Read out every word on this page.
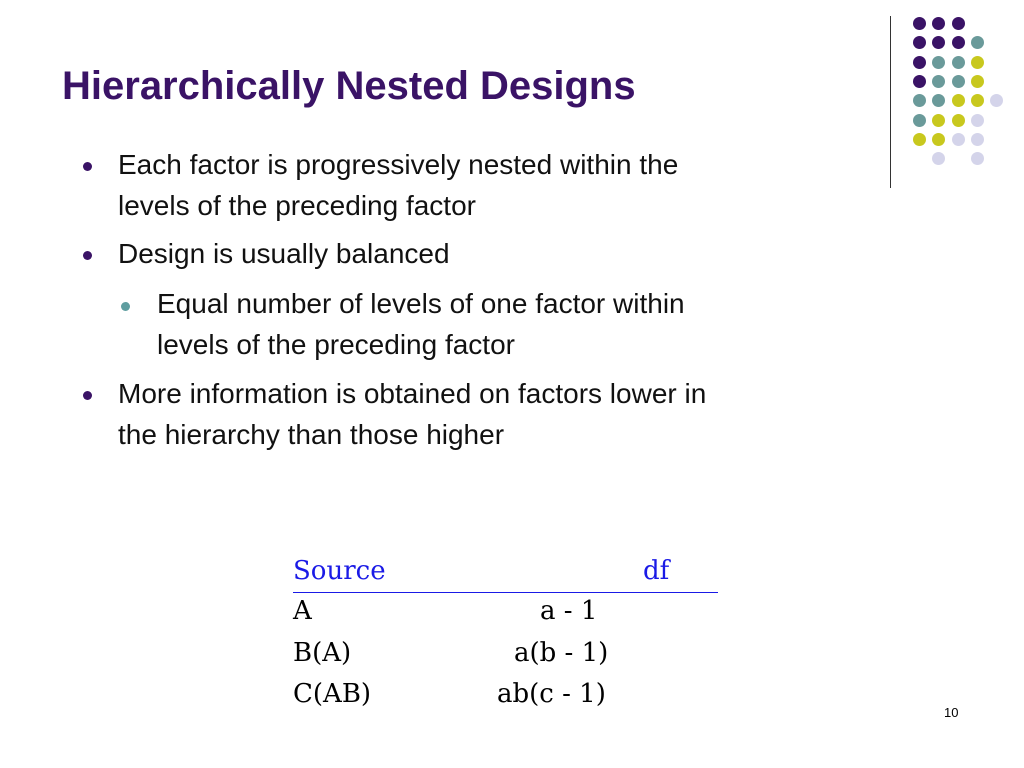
Hierarchically Nested Designs
Each factor is progressively nested within the
levels of the preceding factor
Design is usually balanced
Equal number of levels of one factor within
levels of the preceding factor
More information is obtained on factors lower in
the hierarchy than those higher
Source	df
A	a - 1
B(A)	a(b - 1)
C(AB)	ab(c - 1)
10
